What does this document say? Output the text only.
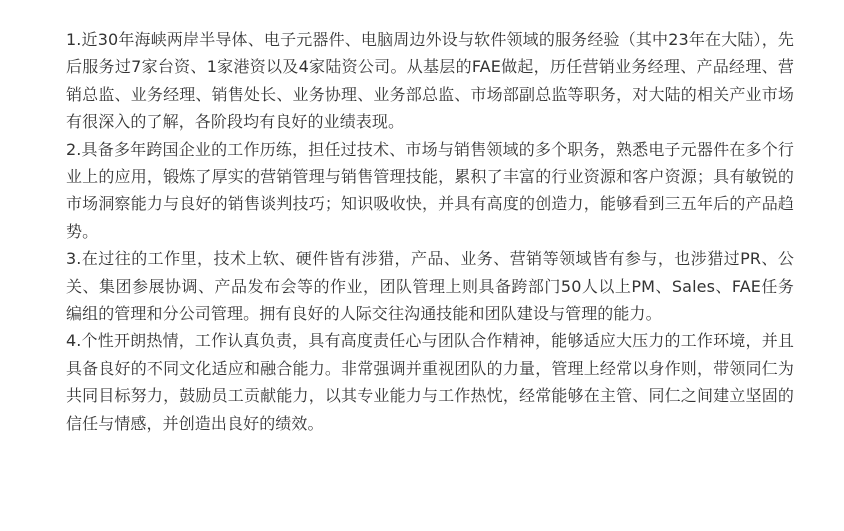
1.近30年海峡两岸半导体、电子元器件、电脑周边外设与软件领域的服务经验（其中23年在大陆），先后服务过7家台资、1家港资以及4家陆资公司。从基层的FAE做起，历任营销业务经理、产品经理、营销总监、业务经理、销售处长、业务协理、业务部总监、市场部副总监等职务，对大陆的相关产业市场有很深入的了解，各阶段均有良好的业绩表现。

2.具备多年跨国企业的工作历练，担任过技术、市场与销售领域的多个职务，熟悉电子元器件在多个行业上的应用，锻炼了厚实的营销管理与销售管理技能，累积了丰富的行业资源和客户资源；具有敏锐的市场洞察能力与良好的销售谈判技巧；知识吸收快，并具有高度的创造力，能够看到三五年后的产品趋势。

3.在过往的工作里，技术上软、硬件皆有涉猎，产品、业务、营销等领域皆有参与，也涉猎过PR、公关、集团参展协调、产品发布会等的作业，团队管理上则具备跨部门50人以上PM、Sales、FAE任务编组的管理和分公司管理。拥有良好的人际交往沟通技能和团队建设与管理的能力。

4.个性开朗热情，工作认真负责，具有高度责任心与团队合作精神，能够适应大压力的工作环境，并且具备良好的不同文化适应和融合能力。非常强调并重视团队的力量，管理上经常以身作则，带领同仁为共同目标努力，鼓励员工贡献能力，以其专业能力与工作热忱，经常能够在主管、同仁之间建立坚固的信任与情感，并创造出良好的绩效。
